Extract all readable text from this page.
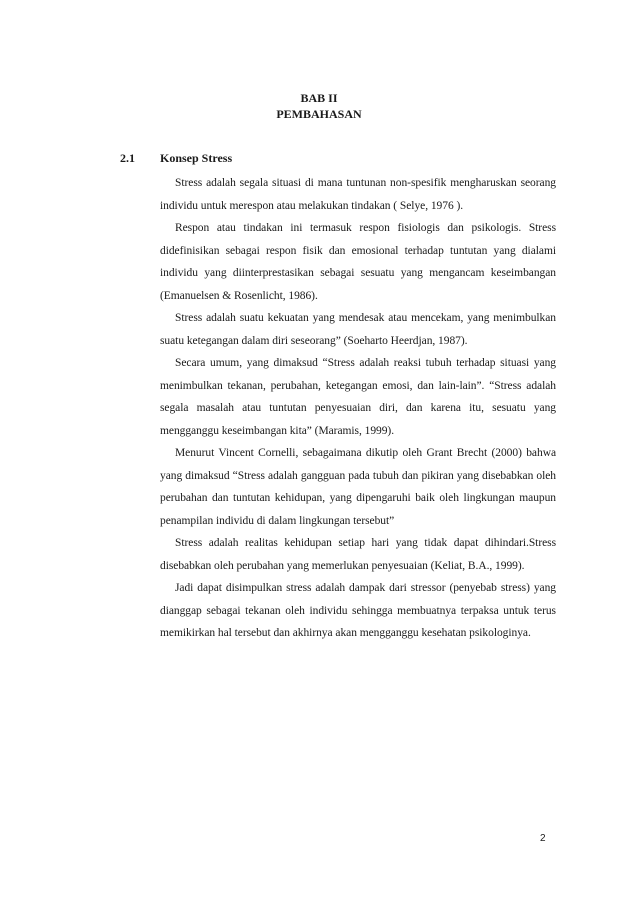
BAB II
PEMBAHASAN
2.1 Konsep Stress

Stress adalah segala situasi di mana tuntunan non-spesifik mengharuskan seorang individu untuk merespon atau melakukan tindakan ( Selye, 1976 ).

Respon atau tindakan ini termasuk respon fisiologis dan psikologis. Stress didefinisikan sebagai respon fisik dan emosional terhadap tuntutan yang dialami individu yang diinterprestasikan sebagai sesuatu yang mengancam keseimbangan (Emanuelsen & Rosenlicht, 1986).

Stress adalah suatu kekuatan yang mendesak atau mencekam, yang menimbulkan suatu ketegangan dalam diri seseorang” (Soeharto Heerdjan, 1987).

Secara umum, yang dimaksud “Stress adalah reaksi tubuh terhadap situasi yang menimbulkan tekanan, perubahan, ketegangan emosi, dan lain-lain”. “Stress adalah segala masalah atau tuntutan penyesuaian diri, dan karena itu, sesuatu yang mengganggu keseimbangan kita” (Maramis, 1999).

Menurut Vincent Cornelli, sebagaimana dikutip oleh Grant Brecht (2000) bahwa yang dimaksud “Stress adalah gangguan pada tubuh dan pikiran yang disebabkan oleh perubahan dan tuntutan kehidupan, yang dipengaruhi baik oleh lingkungan maupun penampilan individu di dalam lingkungan tersebut”

Stress adalah realitas kehidupan setiap hari yang tidak dapat dihindari.Stress disebabkan oleh perubahan yang memerlukan penyesuaian (Keliat, B.A., 1999).

Jadi dapat disimpulkan stress adalah dampak dari stressor (penyebab stress) yang dianggap sebagai tekanan oleh individu sehingga membuatnya terpaksa untuk terus memikirkan hal tersebut dan akhirnya akan mengganggu kesehatan psikologinya.

2
